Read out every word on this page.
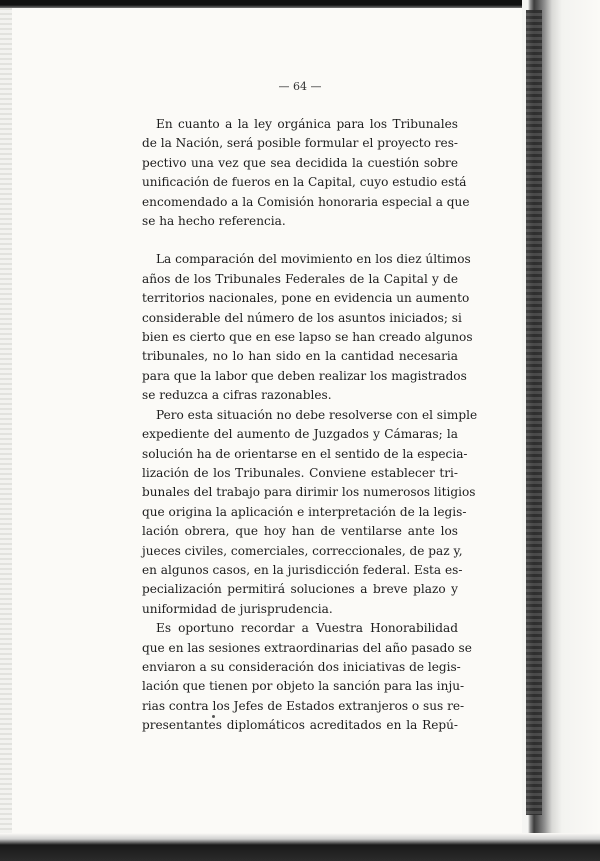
— 64 —

En cuanto a la ley orgánica para los Tribunales
de la Nación, será posible formular el proyecto res-
pectivo una vez que sea decidida la cuestión sobre
unificación de fueros en la Capital, cuyo estudio está
encomendado a la Comisión honoraria especial a que
se ha hecho referencia.

La comparación del movimiento en los diez últimos
años de los Tribunales Federales de la Capital y de
territorios nacionales, pone en evidencia un aumento
considerable del número de los asuntos iniciados; si
bien es cierto que en ese lapso se han creado algunos
tribunales, no lo han sido en la cantidad necesaria
para que la labor que deben realizar los magistrados
se reduzca a cifras razonables.

Pero esta situación no debe resolverse con el simple
expediente del aumento de Juzgados y Cámaras; la
solución ha de orientarse en el sentido de la especia-
lización de los Tribunales. Conviene establecer tri-
bunales del trabajo para dirimir los numerosos litigios
que origina la aplicación e interpretación de la legis-
lación obrera, que hoy han de ventilarse ante los
jueces civiles, comerciales, correccionales, de paz y,
en algunos casos, en la jurisdicción federal. Esta es-
pecialización permitirá soluciones a breve plazo y
uniformidad de jurisprudencia.

Es oportuno recordar a Vuestra Honorabilidad
que en las sesiones extraordinarias del año pasado se
enviaron a su consideración dos iniciativas de legis-
lación que tienen por objeto la sanción para las inju-
rias contra los Jefes de Estados extranjeros o sus re-
presentantes diplomáticos acreditados en la Repú-
